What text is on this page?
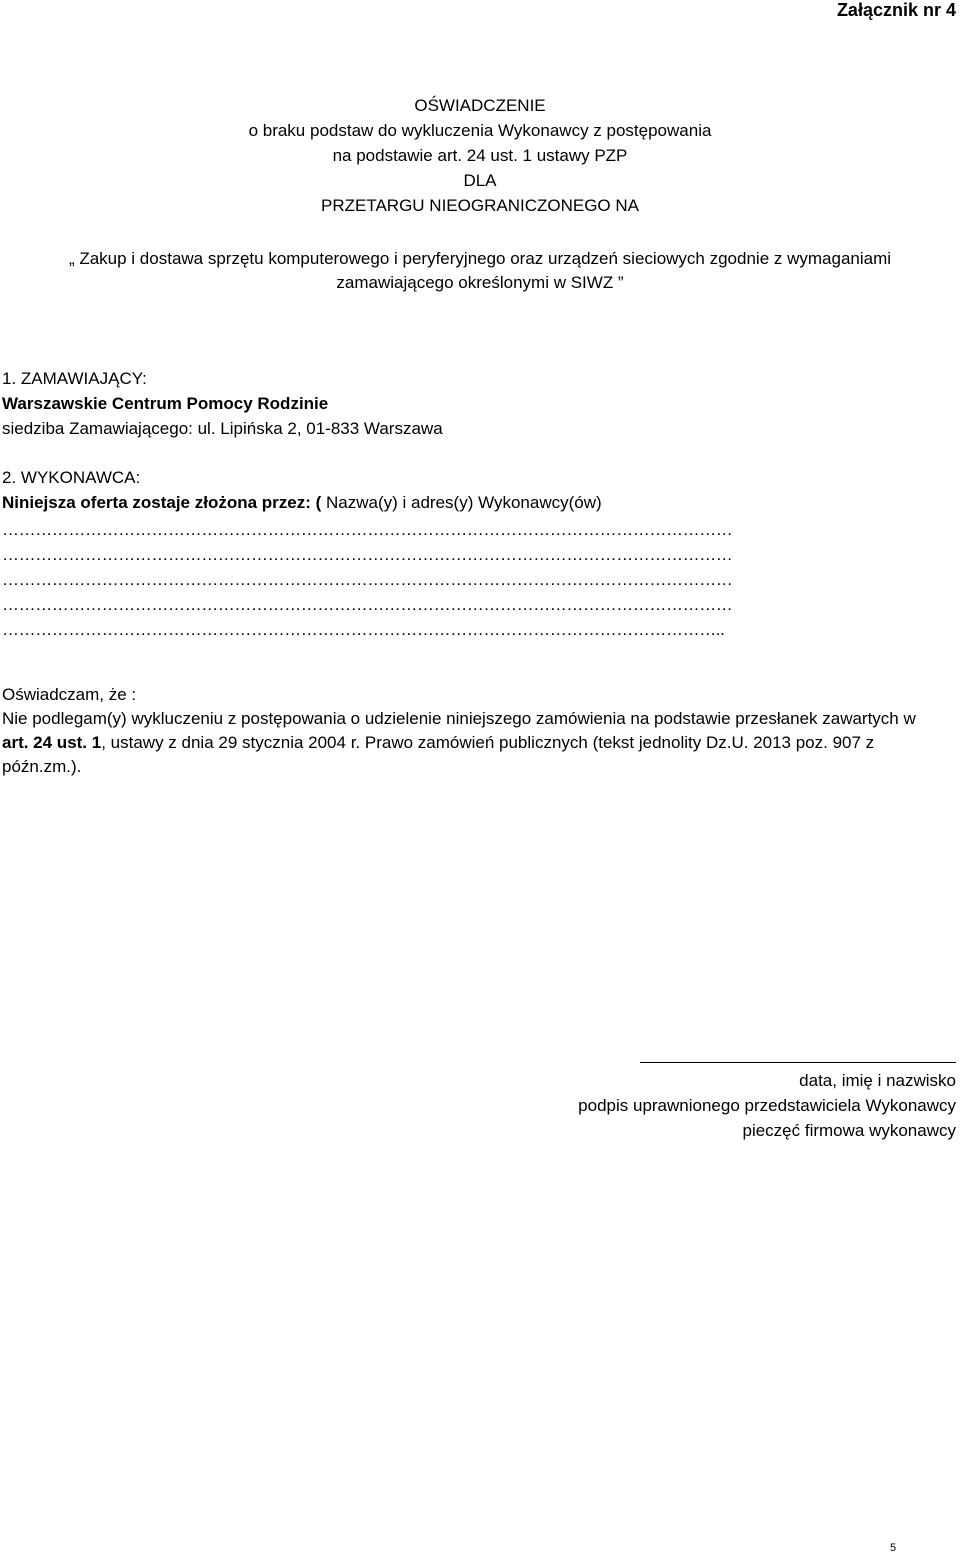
Załącznik nr 4
OŚWIADCZENIE
o braku podstaw do wykluczenia Wykonawcy z postępowania
na podstawie art. 24 ust. 1 ustawy PZP
DLA
PRZETARGU NIEOGRANICZONEGO NA
„ Zakup i dostawa sprzętu komputerowego i peryferyjnego oraz urządzeń sieciowych zgodnie z wymaganiami
zamawiającego określonymi w SIWZ ”
1. ZAMAWIAJĄCY:
Warszawskie Centrum Pomocy Rodzinie
siedziba Zamawiającego: ul. Lipińska 2, 01-833 Warszawa
2. WYKONAWCA:
Niniejsza oferta zostaje złożona przez: ( Nazwa(y) i adres(y) Wykonawcy(ów)
……………………………………………………………………………………………………………………
……………………………………………………………………………………………………………………
……………………………………………………………………………………………………………………
……………………………………………………………………………………………………………………
…………………………………………………………………………………………………………………..
Oświadczam, że :
Nie podlegam(y) wykluczeniu z postępowania o udzielenie niniejszego zamówienia na podstawie przesłanek zawartych w art. 24 ust. 1, ustawy z dnia 29 stycznia 2004 r. Prawo zamówień publicznych (tekst jednolity Dz.U. 2013 poz. 907 z późn.zm.).
data, imię i nazwisko
podpis uprawnionego przedstawiciela Wykonawcy
pieczęć firmowa wykonawcy
5
